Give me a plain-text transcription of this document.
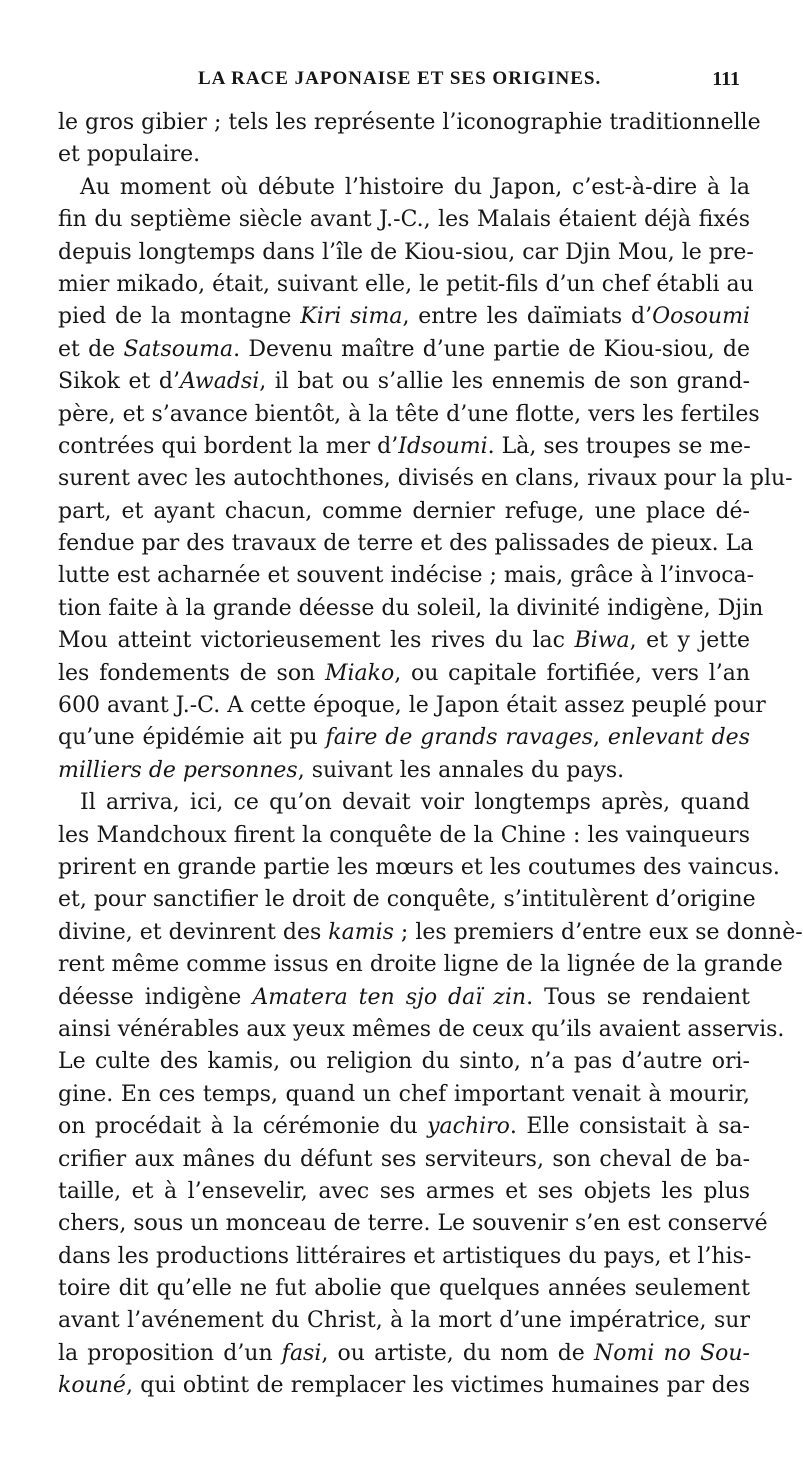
LA RACE JAPONAISE ET SES ORIGINES.	111
le gros gibier ; tels les représente l’iconographie traditionnelle
et populaire.
Au moment où débute l’histoire du Japon, c’est-à-dire à la
fin du septième siècle avant J.-C., les Malais étaient déjà fixés
depuis longtemps dans l’île de Kiou-siou, car Djin Mou, le pre-
mier mikado, était, suivant elle, le petit-fils d’un chef établi au
pied de la montagne Kiri sima, entre les daïmiats d’Oosoumi
et de Satsouma. Devenu maître d’une partie de Kiou-siou, de
Sikok et d’Awadsi, il bat ou s’allie les ennemis de son grand-
père, et s’avance bientôt, à la tête d’une flotte, vers les fertiles
contrées qui bordent la mer d’Idsoumi. Là, ses troupes se me-
surent avec les autochthones, divisés en clans, rivaux pour la plu-
part, et ayant chacun, comme dernier refuge, une place dé-
fendue par des travaux de terre et des palissades de pieux. La
lutte est acharnée et souvent indécise ; mais, grâce à l’invoca-
tion faite à la grande déesse du soleil, la divinité indigène, Djin
Mou atteint victorieusement les rives du lac Biwa, et y jette
les fondements de son Miako, ou capitale fortifiée, vers l’an
600 avant J.-C. A cette époque, le Japon était assez peuplé pour
qu’une épidémie ait pu faire de grands ravages, enlevant des
milliers de personnes, suivant les annales du pays.
Il arriva, ici, ce qu’on devait voir longtemps après, quand
les Mandchoux firent la conquête de la Chine : les vainqueurs
prirent en grande partie les mœurs et les coutumes des vaincus.
et, pour sanctifier le droit de conquête, s’intitulèrent d’origine
divine, et devinrent des kamis ; les premiers d’entre eux se donnè-
rent même comme issus en droite ligne de la lignée de la grande
déesse indigène Amatera ten sjo daï zin. Tous se rendaient
ainsi vénérables aux yeux mêmes de ceux qu’ils avaient asservis.
Le culte des kamis, ou religion du sinto, n’a pas d’autre ori-
gine. En ces temps, quand un chef important venait à mourir,
on procédait à la cérémonie du yachiro. Elle consistait à sa-
crifier aux mânes du défunt ses serviteurs, son cheval de ba-
taille, et à l’ensevelir, avec ses armes et ses objets les plus
chers, sous un monceau de terre. Le souvenir s’en est conservé
dans les productions littéraires et artistiques du pays, et l’his-
toire dit qu’elle ne fut abolie que quelques années seulement
avant l’avénement du Christ, à la mort d’une impératrice, sur
la proposition d’un fasi, ou artiste, du nom de Nomi no Sou-
kouné, qui obtint de remplacer les victimes humaines par des
